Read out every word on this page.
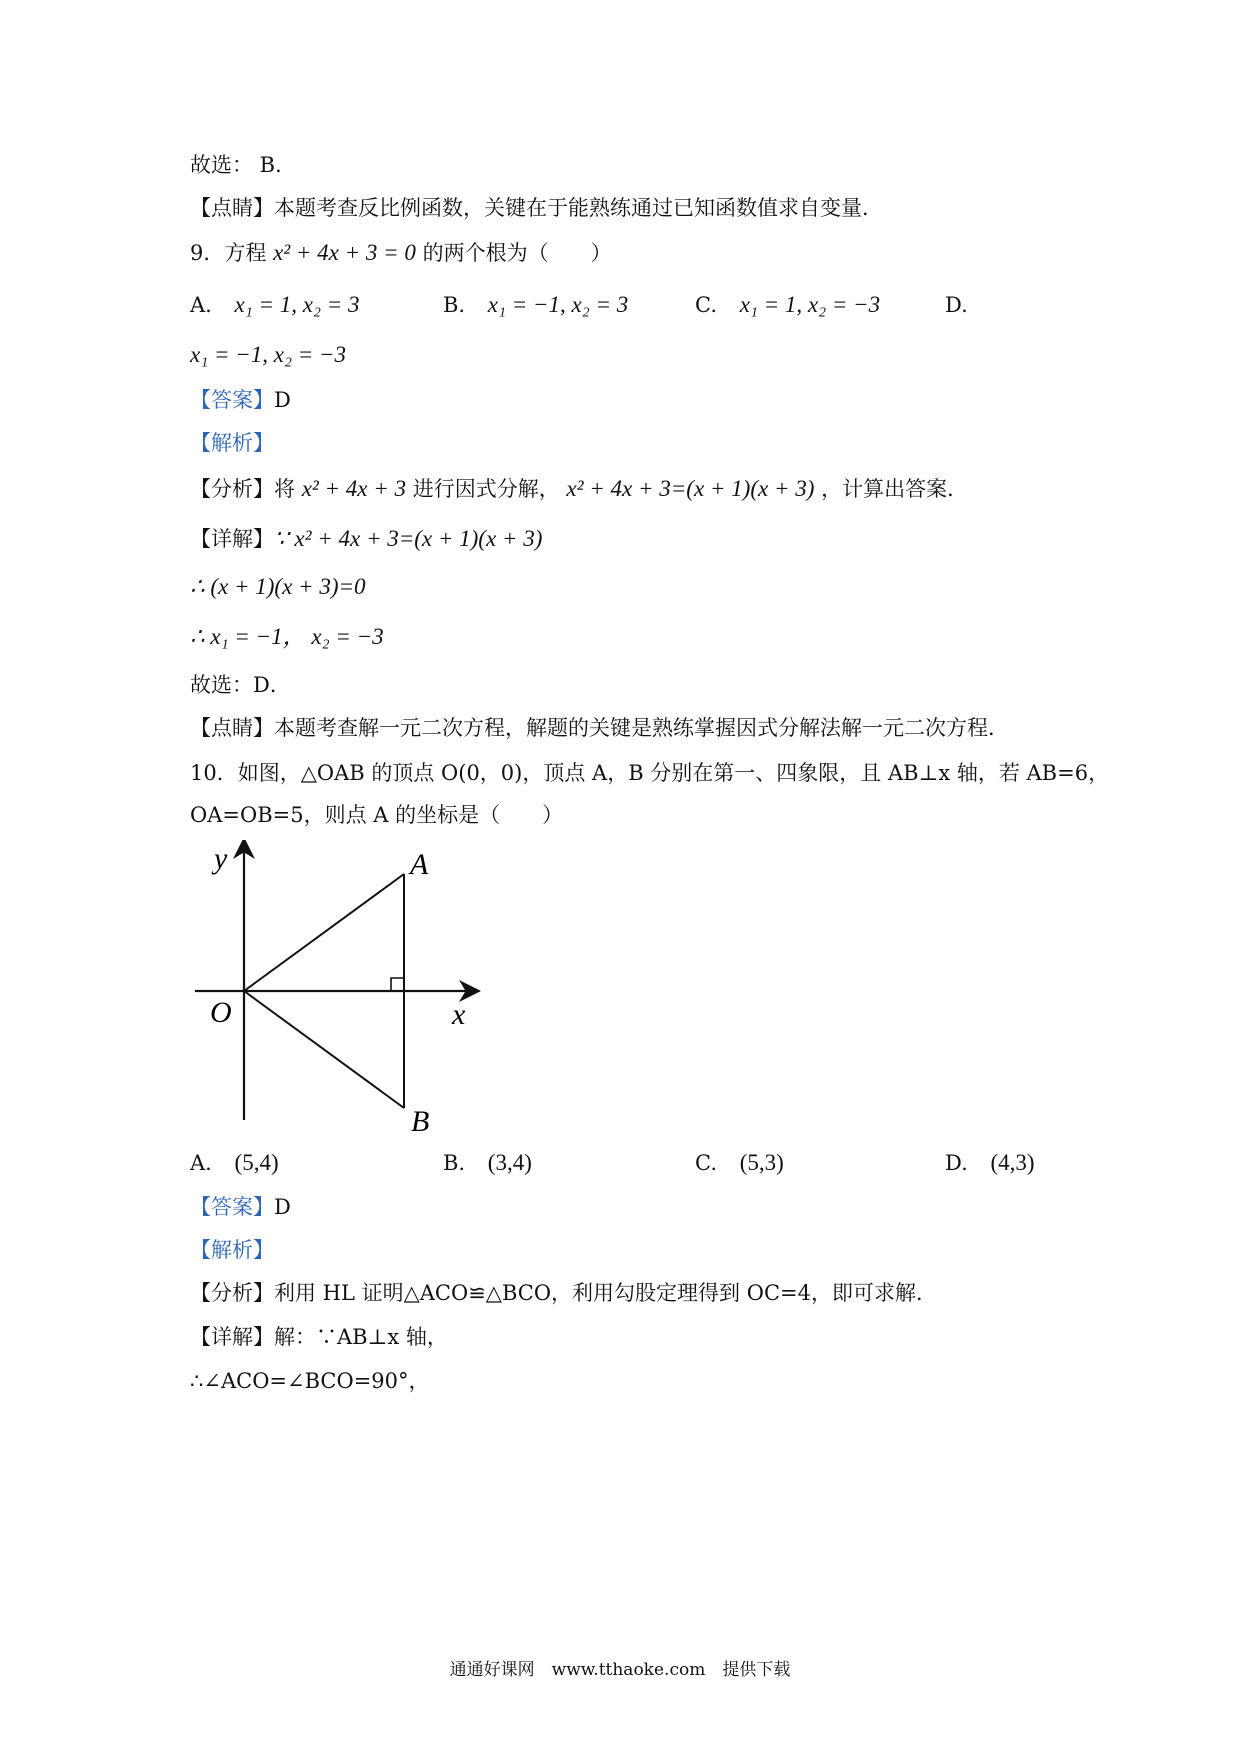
故选： B．
【点睛】本题考查反比例函数，关键在于能熟练通过已知函数值求自变量．
9．方程 x² + 4x + 3 = 0 的两个根为（　　）
A. x₁ = 1, x₂ = 3	B. x₁ = −1, x₂ = 3	C. x₁ = 1, x₂ = −3	D.
x₁ = −1, x₂ = −3
【答案】D
【解析】
【分析】将 x² + 4x + 3 进行因式分解， x² + 4x + 3=(x + 1)(x + 3) ，计算出答案．
【详解】∵ x² + 4x + 3=(x + 1)(x + 3)
∴ (x + 1)(x + 3)=0
∴ x₁ = −1， x₂ = −3
故选：D．
【点睛】本题考查解一元二次方程，解题的关键是熟练掌握因式分解法解一元二次方程．
10．如图，△OAB 的顶点 O(0，0)，顶点 A，B 分别在第一、四象限，且 AB⊥x 轴，若 AB=6，
OA=OB=5，则点 A 的坐标是（　　）
y
x
O
A
B
A. (5,4)	B. (3,4)	C. (5,3)	D. (4,3)
【答案】D
【解析】
【分析】利用 HL 证明△ACO≌△BCO，利用勾股定理得到 OC=4，即可求解．
【详解】解：∵AB⊥x 轴，
∴∠ACO=∠BCO=90°，
通通好课网　www.tthaoke.com　提供下载
